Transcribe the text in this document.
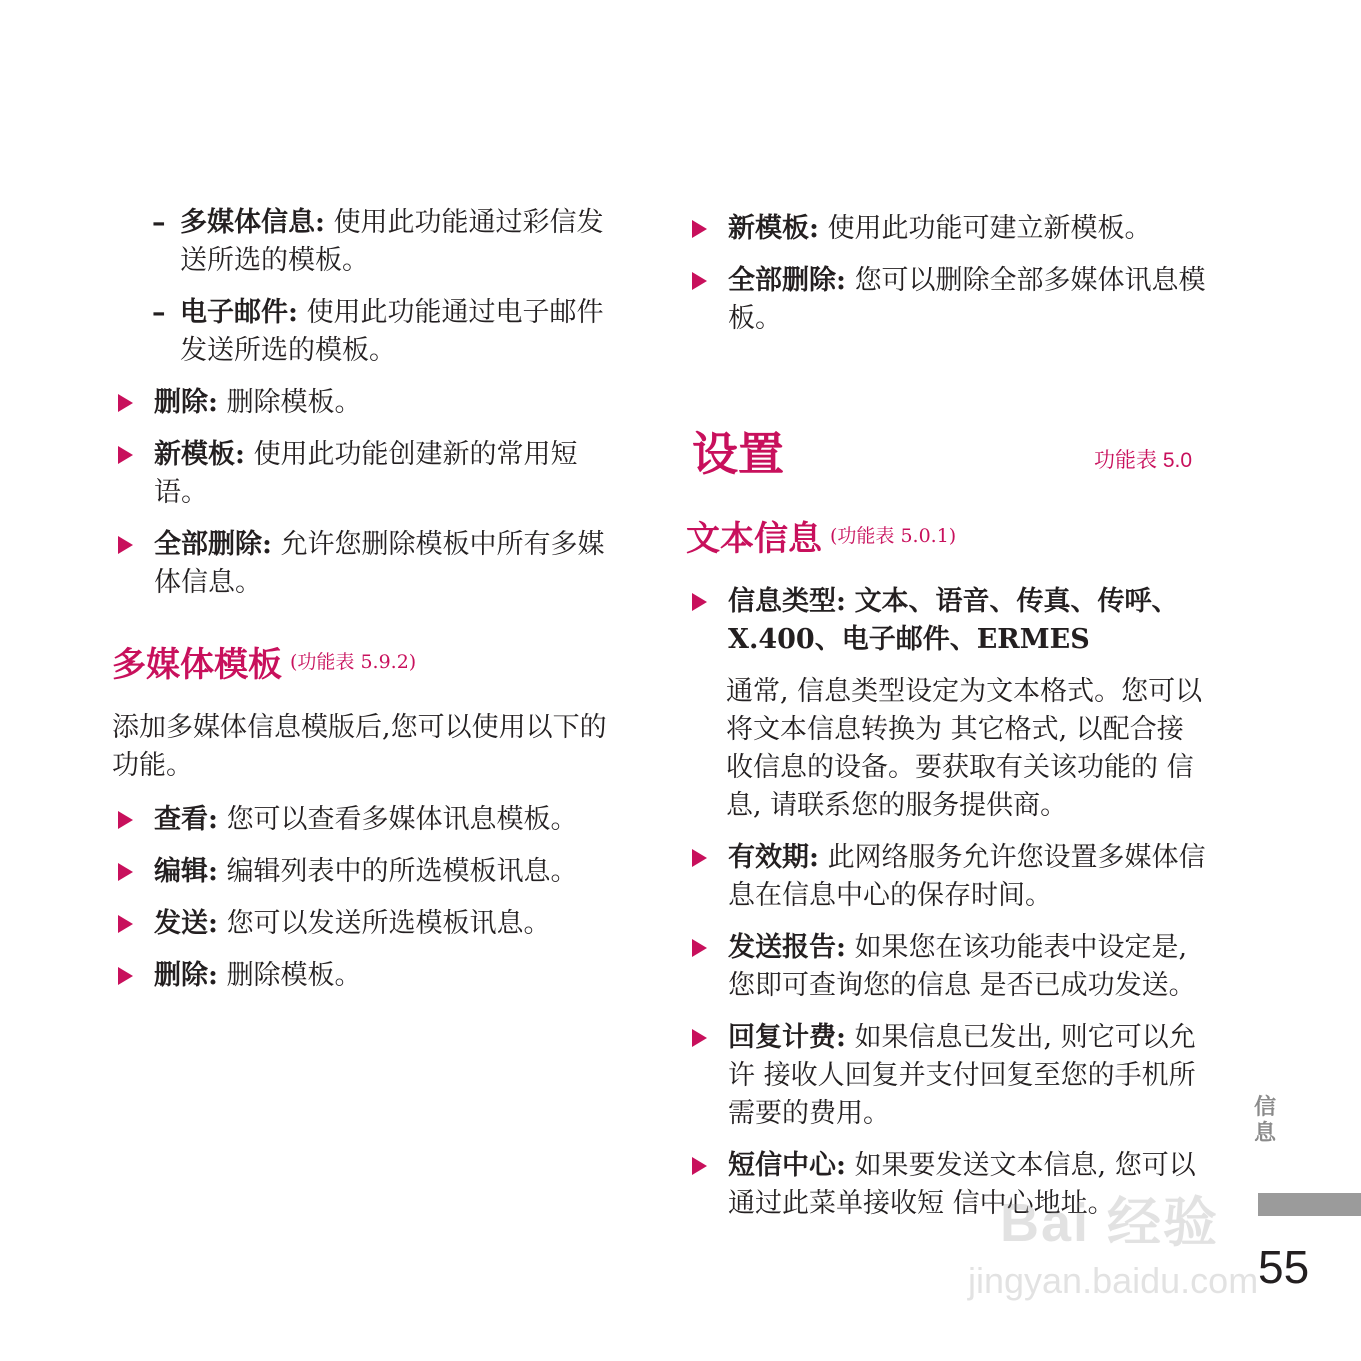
– 多媒体信息: 使用此功能通过彩信发送所选的模板。
– 电子邮件: 使用此功能通过电子邮件发送所选的模板。
删除: 删除模板。
新模板: 使用此功能创建新的常用短语。
全部删除: 允许您删除模板中所有多媒体信息。
多媒体模板 $^{(功能表 5.9.2)}$
添加多媒体信息模版后,您可以使用以下的功能。
查看: 您可以查看多媒体讯息模板。
编辑: 编辑列表中的所选模板讯息。
发送: 您可以发送所选模板讯息。
删除: 删除模板。
新模板: 使用此功能可建立新模板。
全部删除: 您可以删除全部多媒体讯息模板。
设置	功能表 5.0
文本信息 $^{(功能表 5.0.1)}$
信息类型: 文本、语音、传真、传呼、X.400、电子邮件、ERMES
通常, 信息类型设定为文本格式。您可以将文本信息转换为 其它格式, 以配合接收信息的设备。要获取有关该功能的 信息, 请联系您的服务提供商。
有效期: 此网络服务允许您设置多媒体信息在信息中心的保存时间。
发送报告: 如果您在该功能表中设定是, 您即可查询您的信息 是否已成功发送。
回复计费: 如果信息已发出, 则它可以允许 接收人回复并支付回复至您的手机所需要的费用。
短信中心: 如果要发送文本信息, 您可以通过此菜单接收短 信中心地址。
信
息
55
Bai 经验
jingyan.baidu.com
